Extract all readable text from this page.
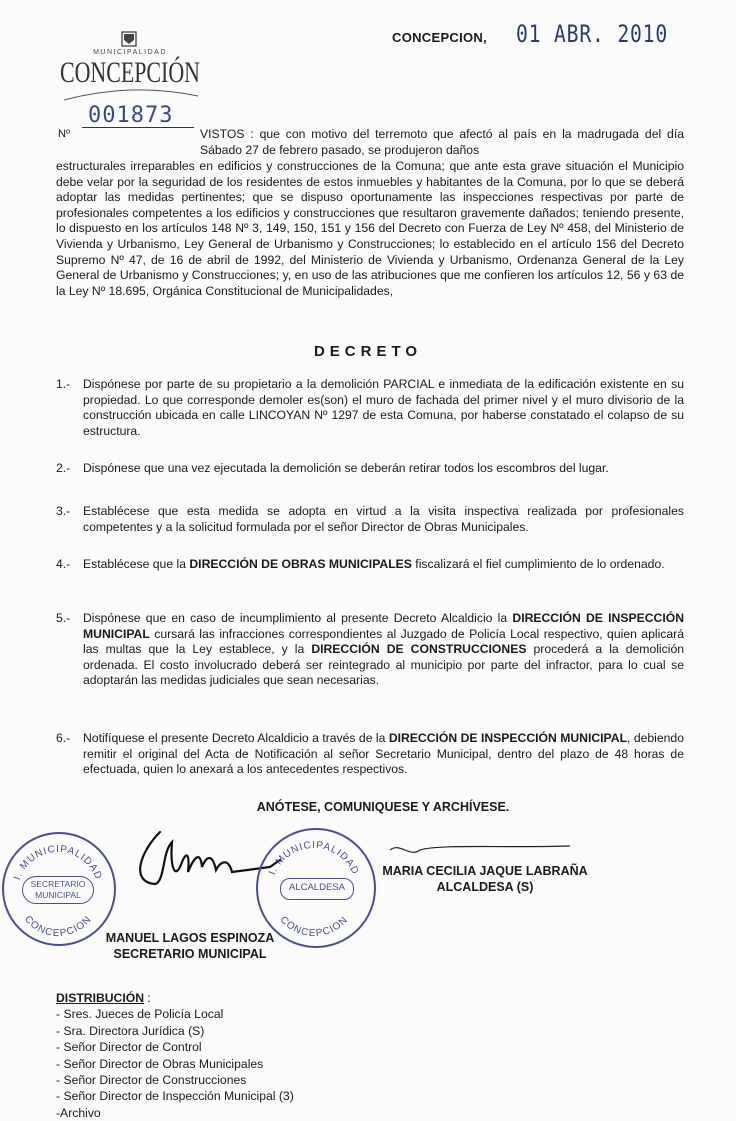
CONCEPCION, 01 ABR. 2010
MUNICIPALIDAD
CONCEPCIÓN
Nº
001873
VISTOS : que con motivo del terremoto que afectó al país en la madrugada del día Sábado 27 de febrero pasado, se produjeron daños
estructurales irreparables en edificios y construcciones de la Comuna; que ante esta grave situación el Municipio debe velar por la seguridad de los residentes de estos inmuebles y habitantes de la Comuna, por lo que se deberá adoptar las medidas pertinentes; que se dispuso oportunamente las inspecciones respectivas por parte de profesionales competentes a los edificios y construcciones que resultaron gravemente dañados; teniendo presente, lo dispuesto en los artículos 148 Nº 3, 149, 150, 151 y 156 del Decreto con Fuerza de Ley Nº 458, del Ministerio de Vivienda y Urbanismo, Ley General de Urbanismo y Construcciones; lo establecido en el artículo 156 del Decreto Supremo Nº 47, de 16 de abril de 1992, del Ministerio de Vivienda y Urbanismo, Ordenanza General de la Ley General de Urbanismo y Construcciones; y, en uso de las atribuciones que me confieren los artículos 12, 56 y 63 de la Ley Nº 18.695, Orgánica Constitucional de Municipalidades,
DECRETO
1.- Dispónese por parte de su propietario a la demolición PARCIAL e inmediata de la edificación existente en su propiedad. Lo que corresponde demoler es(son) el muro de fachada del primer nivel y el muro divisorio de la construcción ubicada en calle LINCOYAN Nº 1297 de esta Comuna, por haberse constatado el colapso de su estructura.
2.- Dispónese que una vez ejecutada la demolición se deberán retirar todos los escombros del lugar.
3.- Establécese que esta medida se adopta en virtud a la visita inspectiva realizada por profesionales competentes y a la solicitud formulada por el señor Director de Obras Municipales.
4.- Establécese que la DIRECCIÓN DE OBRAS MUNICIPALES fiscalizará el fiel cumplimiento de lo ordenado.
5.- Dispónese que en caso de incumplimiento al presente Decreto Alcaldicio la DIRECCIÓN DE INSPECCIÓN MUNICIPAL cursará las infracciones correspondientes al Juzgado de Policía Local respectivo, quien aplicará las multas que la Ley establece, y la DIRECCIÓN DE CONSTRUCCIONES procederá a la demolición ordenada. El costo involucrado deberá ser reintegrado al municipio por parte del infractor, para lo cual se adoptarán las medidas judiciales que sean necesarias.
6.- Notifíquese el presente Decreto Alcaldicio a través de la DIRECCIÓN DE INSPECCIÓN MUNICIPAL, debiendo remitir el original del Acta de Notificación al señor Secretario Municipal, dentro del plazo de 48 horas de efectuada, quien lo anexará a los antecedentes respectivos.
ANÓTESE, COMUNIQUESE Y ARCHÍVESE.
I. MUNICIPALIDAD
CONCEPCION
SECRETARIO
MUNICIPAL
MANUEL LAGOS ESPINOZA
SECRETARIO MUNICIPAL
I. MUNICIPALIDAD
CONCEPCION
ALCALDESA
MARIA CECILIA JAQUE LABRAÑA
ALCALDESA (S)
DISTRIBUCIÓN :
- Sres. Jueces de Policía Local
- Sra. Directora Jurídica (S)
- Señor Director de Control
- Señor Director de Obras Municipales
- Señor Director de Construcciones
- Señor Director de Inspección Municipal (3)
-Archivo
